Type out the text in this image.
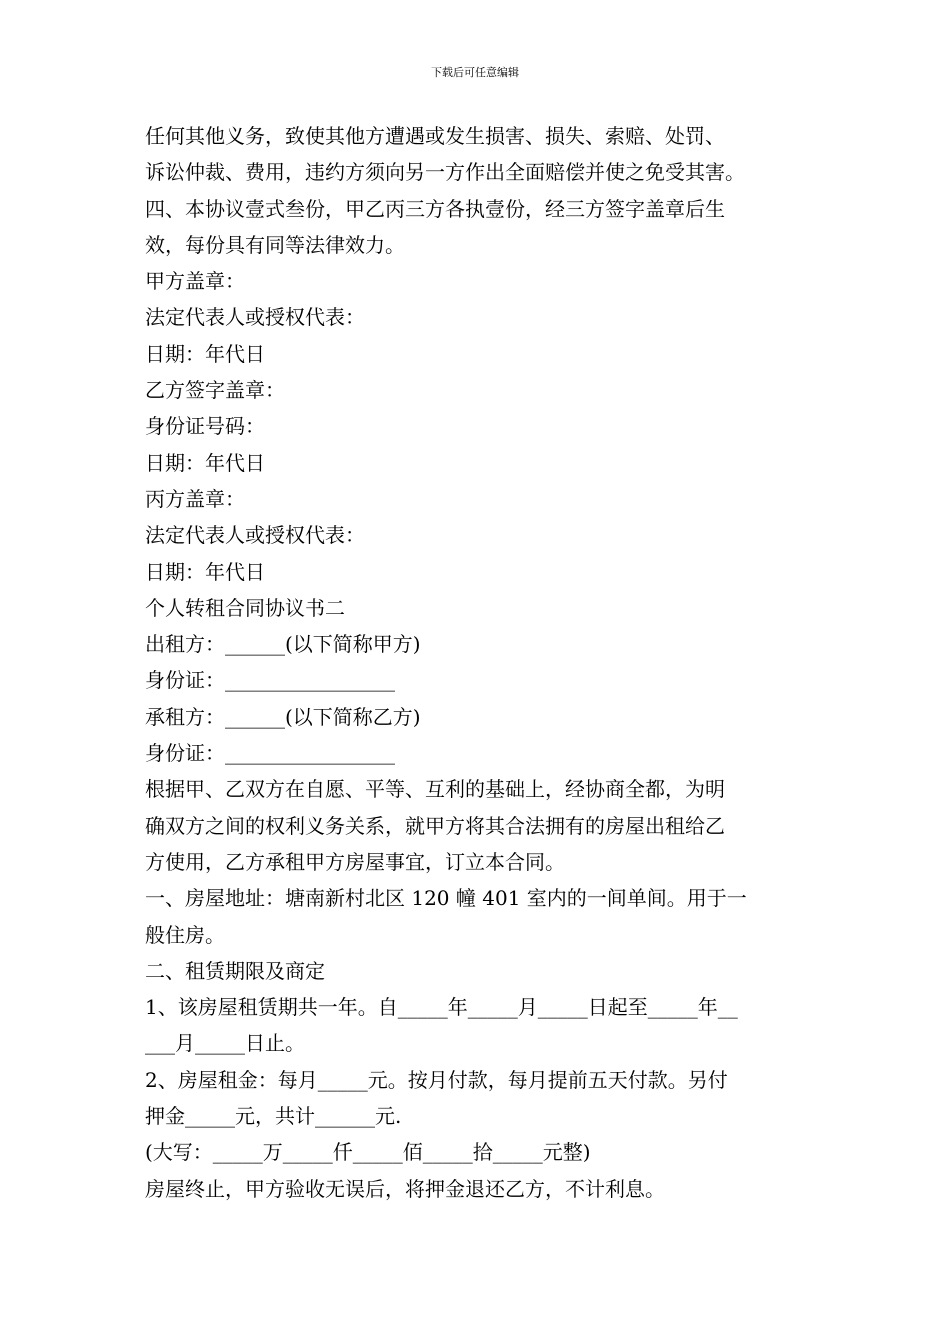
下载后可任意编辑
任何其他义务，致使其他方遭遇或发生损害、损失、索赔、处罚、
诉讼仲裁、费用，违约方须向另一方作出全面赔偿并使之免受其害。
四、本协议壹式叁份，甲乙丙三方各执壹份，经三方签字盖章后生
效，每份具有同等法律效力。
甲方盖章：
法定代表人或授权代表：
日期：年代日
乙方签字盖章：
身份证号码：
日期：年代日
丙方盖章：
法定代表人或授权代表：
日期：年代日
个人转租合同协议书二
出租方：______(以下简称甲方)
身份证：_________________
承租方：______(以下简称乙方)
身份证：_________________
根据甲、乙双方在自愿、平等、互利的基础上，经协商全都，为明
确双方之间的权利义务关系，就甲方将其合法拥有的房屋出租给乙
方使用，乙方承租甲方房屋事宜，订立本合同。
一、房屋地址：塘南新村北区 120 幢 401 室内的一间单间。用于一
般住房。
二、租赁期限及商定
1、该房屋租赁期共一年。自_____年_____月_____日起至_____年__
___月_____日止。
2、房屋租金：每月_____元。按月付款，每月提前五天付款。另付
押金_____元，共计______元.
(大写：_____万_____仟_____佰_____拾_____元整)
房屋终止，甲方验收无误后，将押金退还乙方，不计利息。
